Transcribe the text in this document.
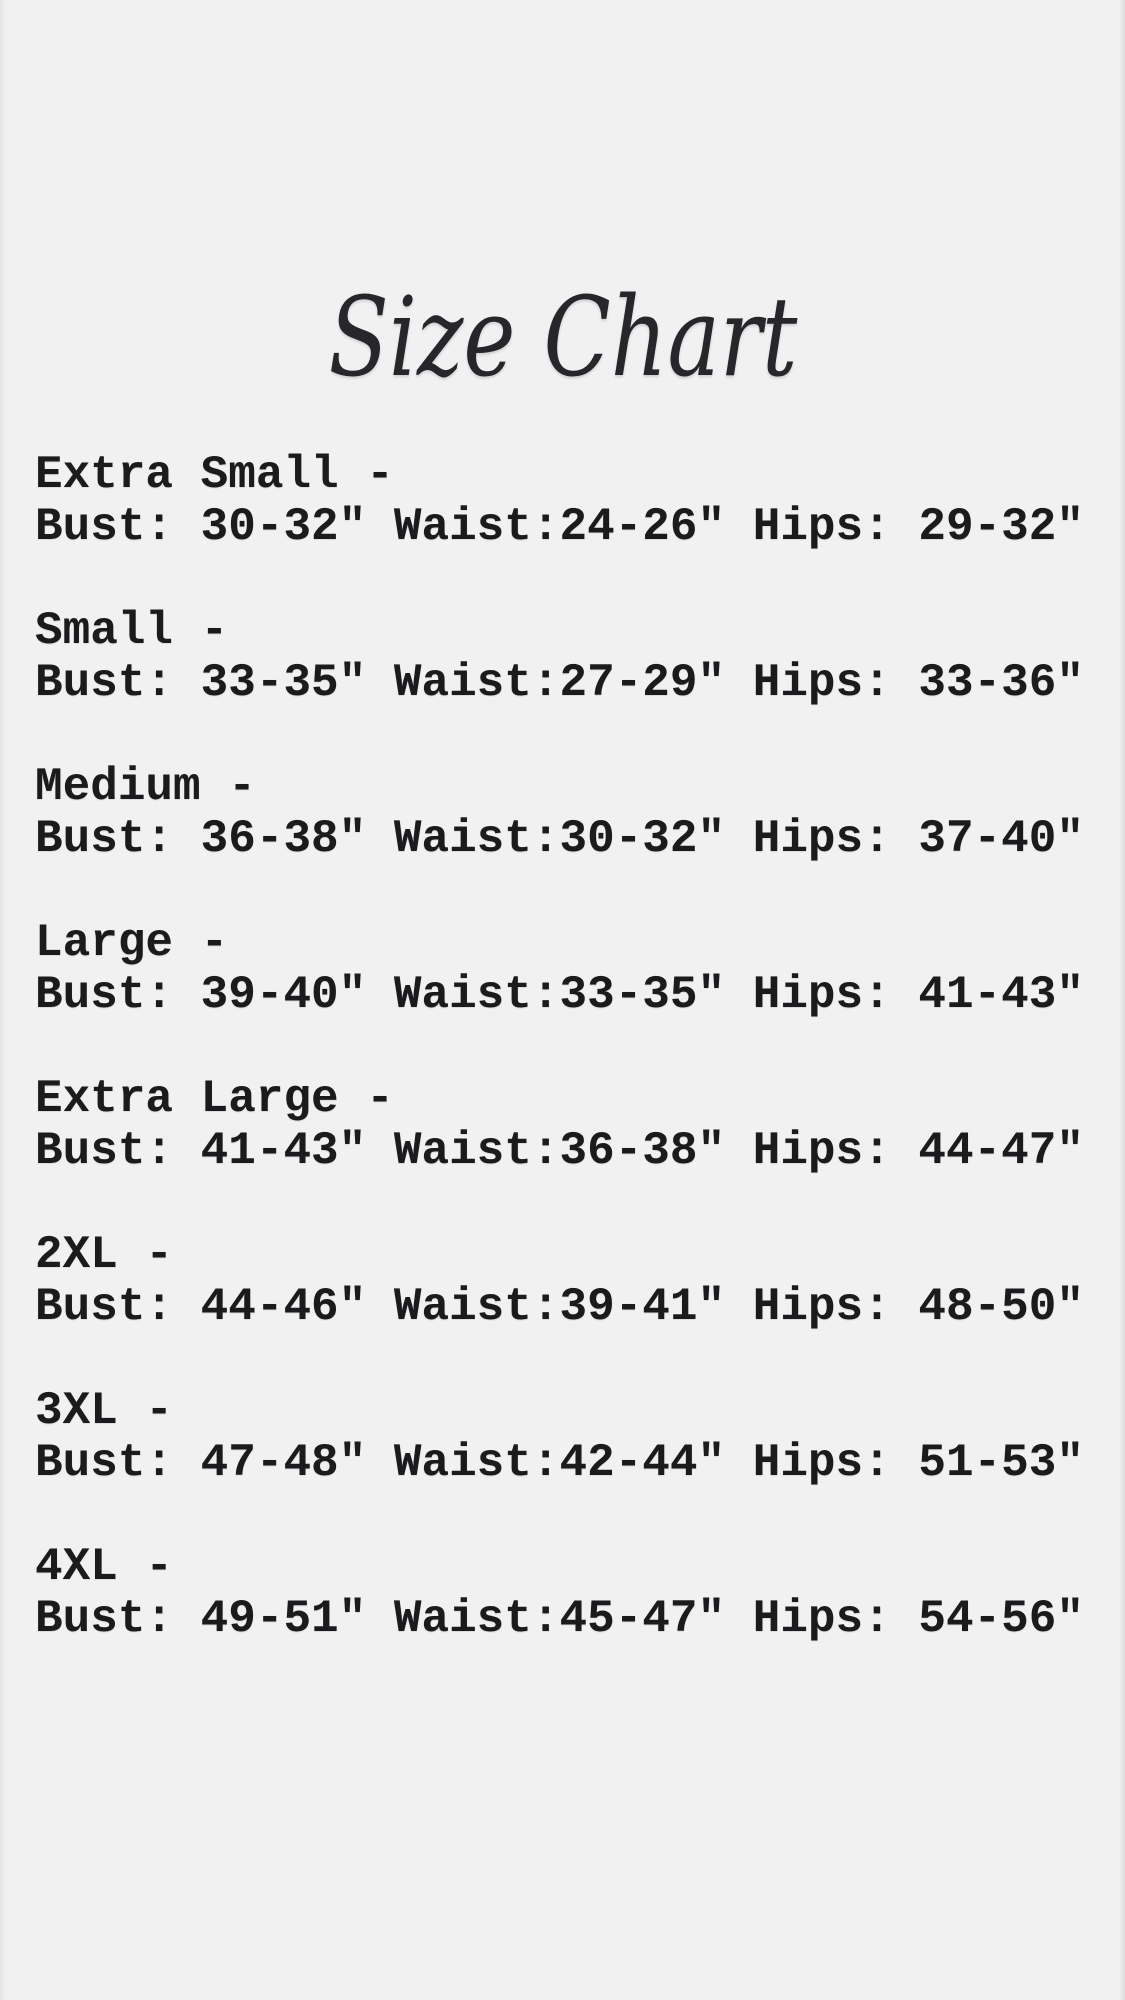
Size Chart
Extra Small -
Bust: 30-32″ Waist:24-26″ Hips: 29-32″
Small -
Bust: 33-35″ Waist:27-29″ Hips: 33-36″
Medium -
Bust: 36-38″ Waist:30-32″ Hips: 37-40″
Large -
Bust: 39-40″ Waist:33-35″ Hips: 41-43″
Extra Large -
Bust: 41-43″ Waist:36-38″ Hips: 44-47″
2XL -
Bust: 44-46″ Waist:39-41″ Hips: 48-50″
3XL -
Bust: 47-48″ Waist:42-44″ Hips: 51-53″
4XL -
Bust: 49-51″ Waist:45-47″ Hips: 54-56″
